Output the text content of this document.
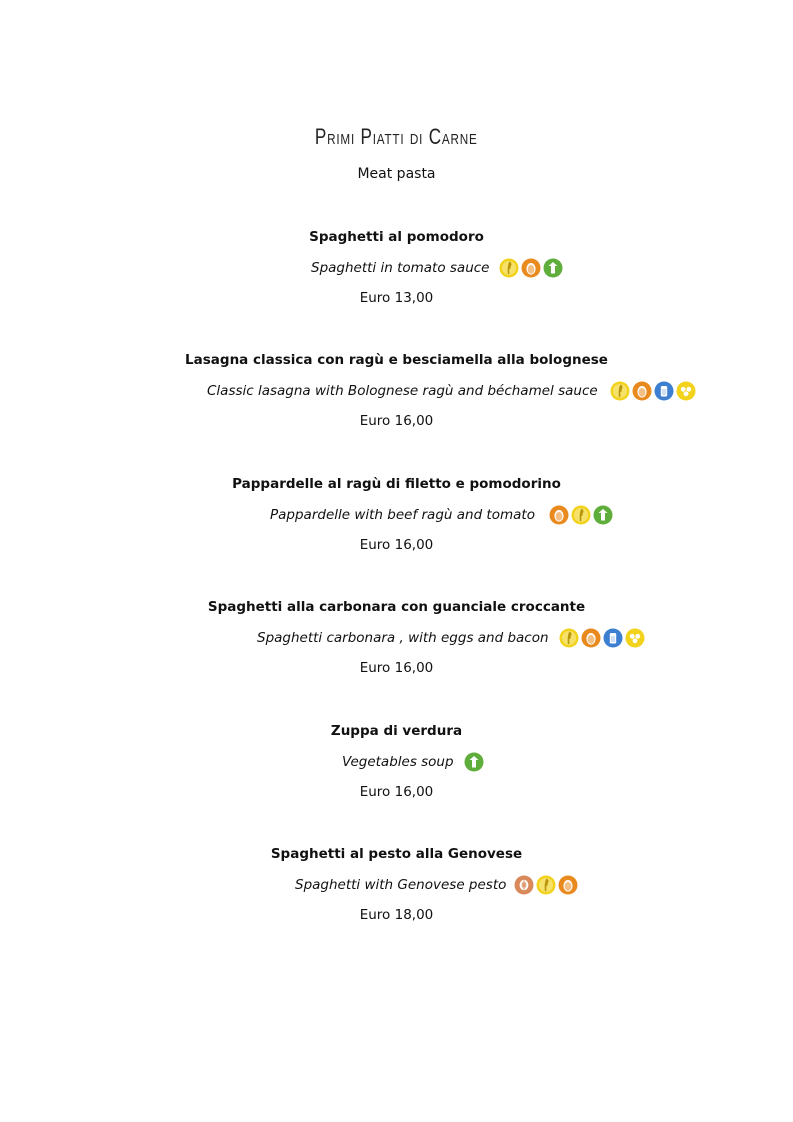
Primi Piatti di Carne
Meat pasta
Spaghetti al pomodoro
Spaghetti in tomato sauce
Euro 13,00
Lasagna classica con ragù e besciamella alla bolognese
Classic lasagna with Bolognese ragù and béchamel sauce
Euro 16,00
Pappardelle al ragù di filetto e pomodorino
Pappardelle with beef ragù and tomato
Euro 16,00
Spaghetti alla carbonara con guanciale croccante
Spaghetti carbonara , with eggs and bacon
Euro 16,00
Zuppa di verdura
Vegetables soup
Euro 16,00
Spaghetti al pesto alla Genovese
Spaghetti with Genovese pesto
Euro 18,00
